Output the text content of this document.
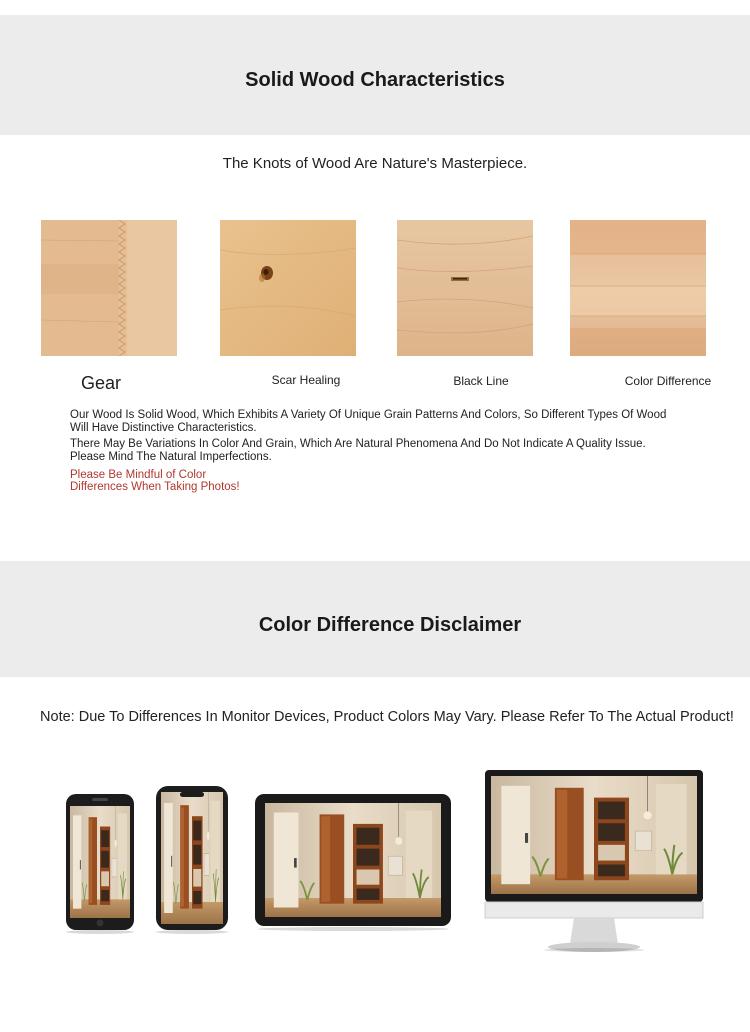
Solid Wood Characteristics
The Knots of Wood Are Nature's Masterpiece.
Gear	Scar Healing	Black Line	Color Difference
Our Wood Is Solid Wood, Which Exhibits A Variety Of Unique Grain Patterns And Colors, So Different Types Of Wood Will Have Distinctive Characteristics.
There May Be Variations In Color And Grain, Which Are Natural Phenomena And Do Not Indicate A Quality Issue. Please Mind The Natural Imperfections.
Please Be Mindful of Color
Differences When Taking Photos!
Color Difference Disclaimer
Note: Due To Differences In Monitor Devices, Product Colors May Vary. Please Refer To The Actual Product!
